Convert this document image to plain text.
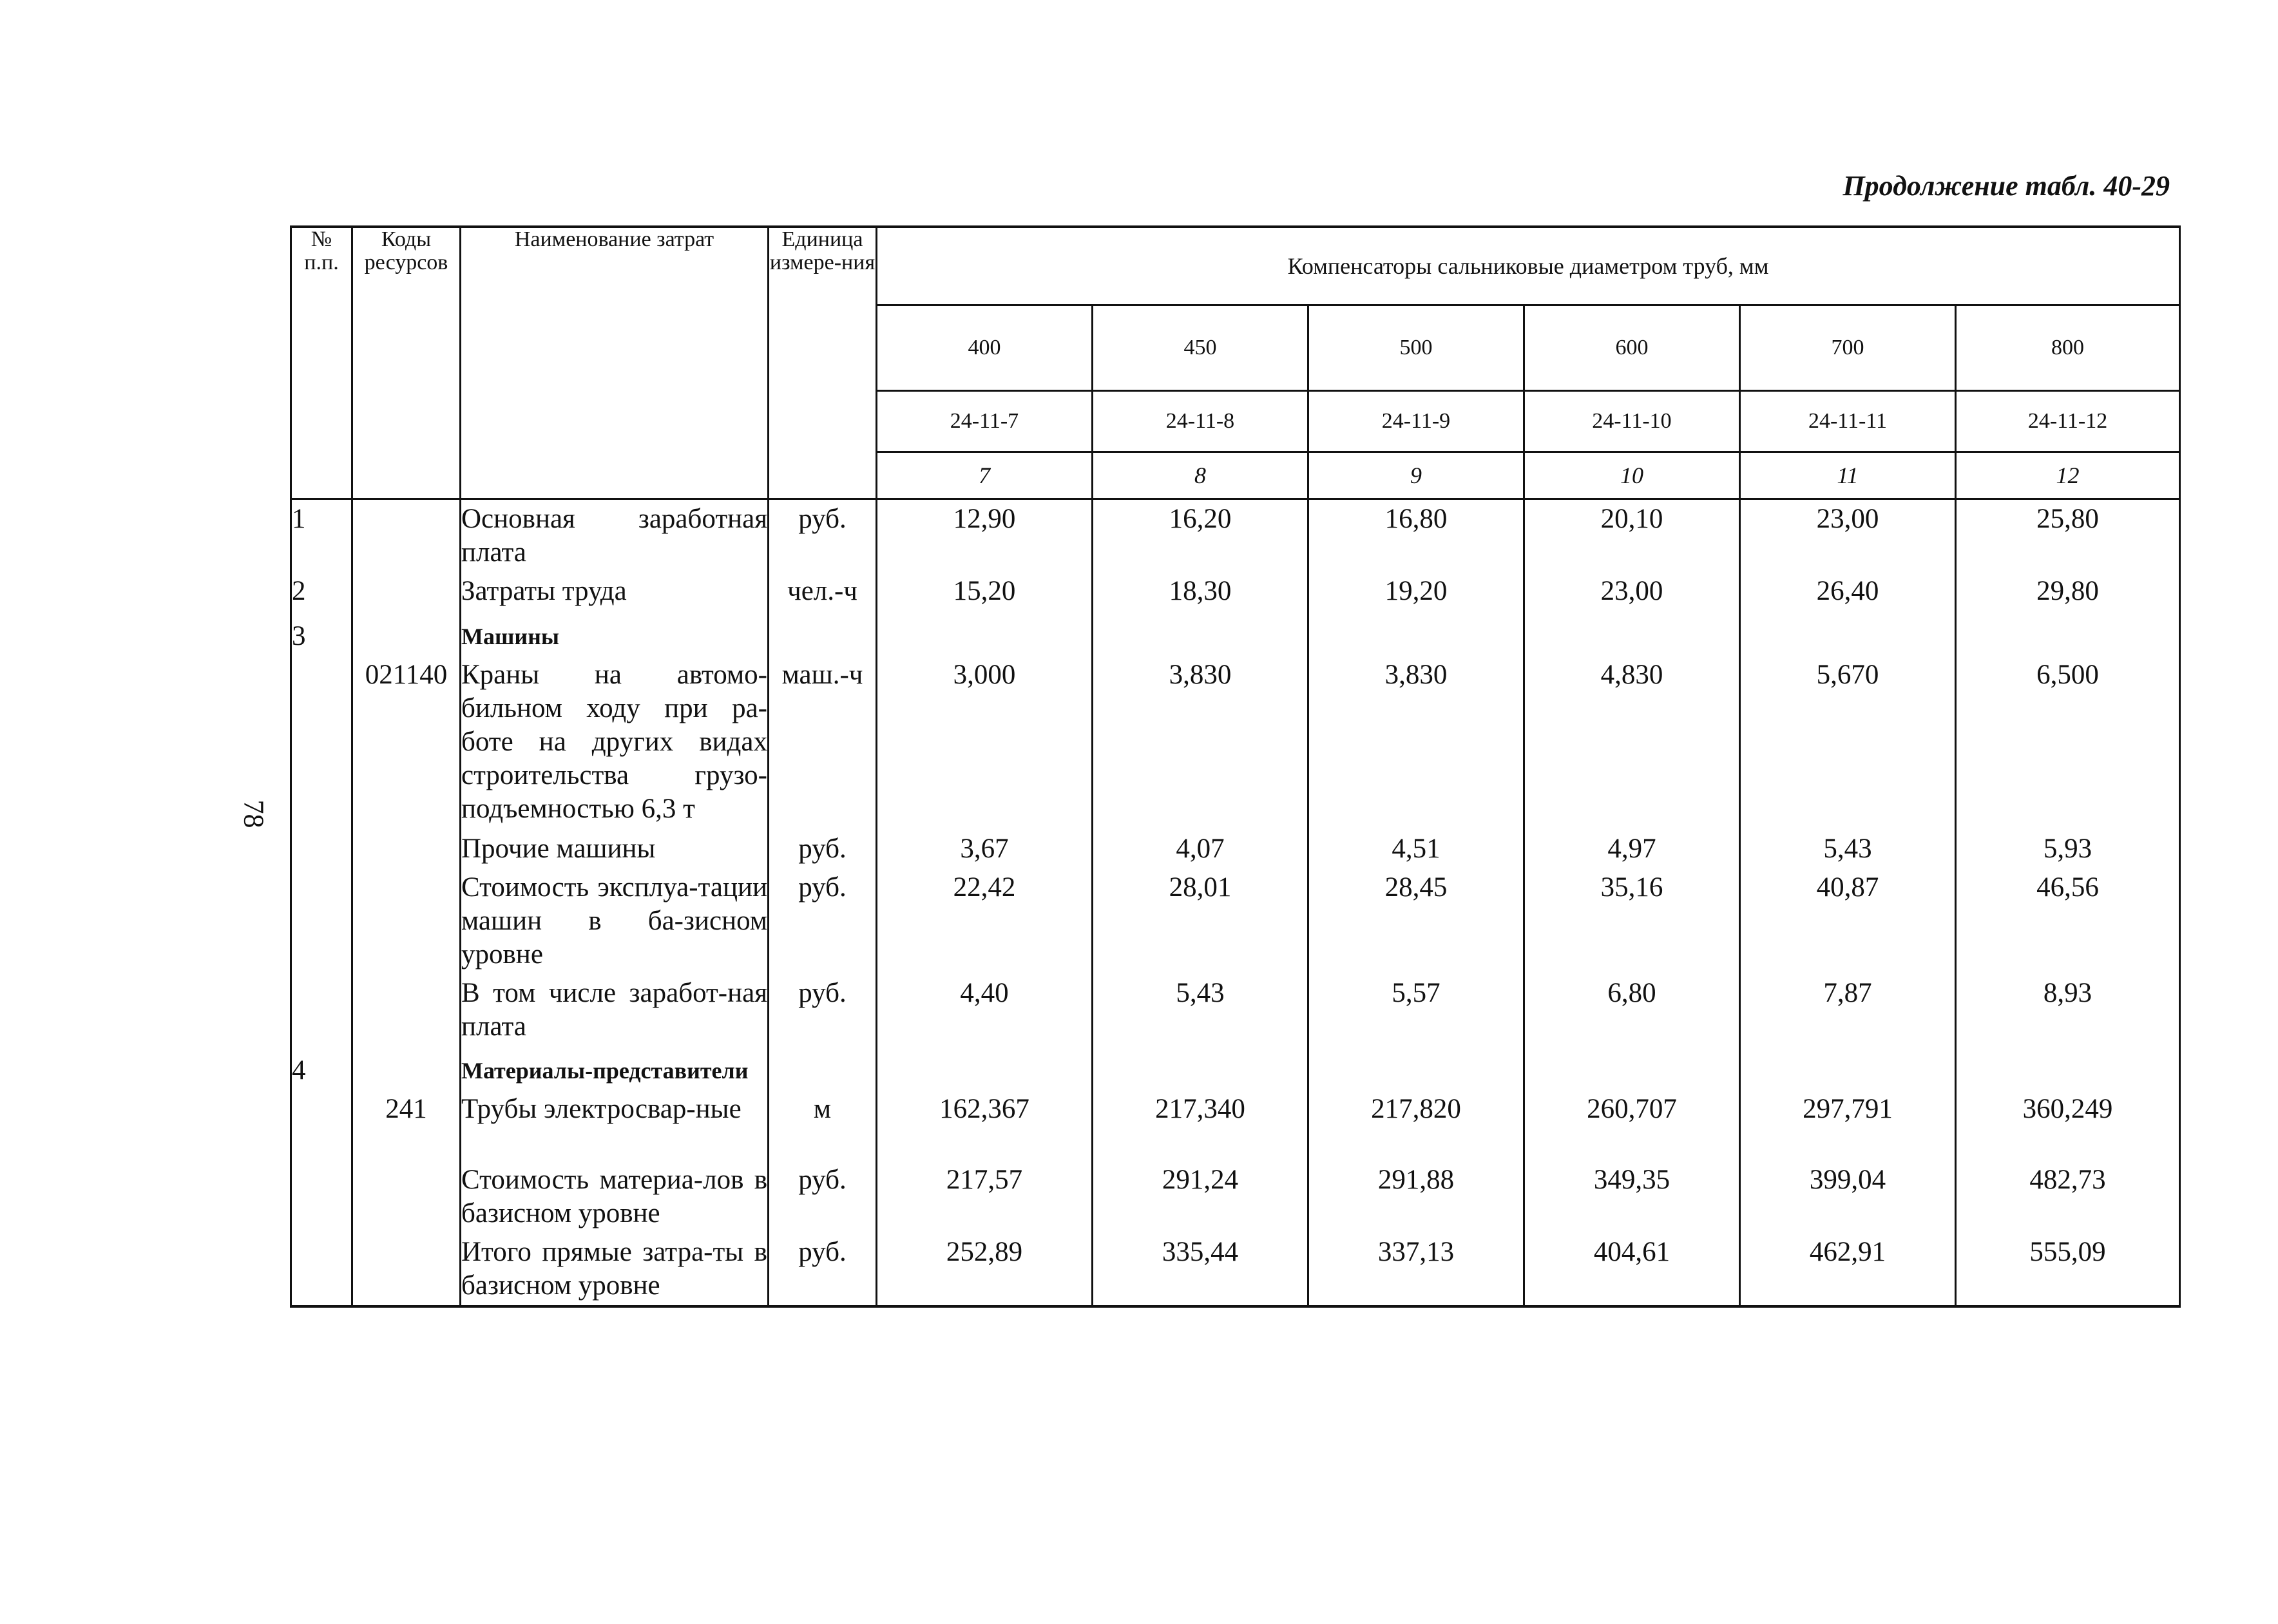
Продолжение табл. 40-29
78
№ п.п.	Коды ресурсов	Наименование затрат	Единица измере-ния	Компенсаторы сальниковые диаметром труб, мм					
				400	450	500	600	700	800
				24-11-7	24-11-8	24-11-9	24-11-10	24-11-11	24-11-12
				7	8	9	10	11	12
1		Основная заработная плата	руб.	12,90	16,20	16,80	20,10	23,00	25,80
2		Затраты труда	чел.-ч	15,20	18,30	19,20	23,00	26,40	29,80
3		Машины							
	021140	Краны на автомо-бильном ходу при ра-боте на других видах строительства грузо-подъемностью 6,3 т	маш.-ч	3,000	3,830	3,830	4,830	5,670	6,500
		Прочие машины	руб.	3,67	4,07	4,51	4,97	5,43	5,93
		Стоимость эксплуа-тации машин в ба-зисном уровне	руб.	22,42	28,01	28,45	35,16	40,87	46,56
		В том числе заработ-ная плата	руб.	4,40	5,43	5,57	6,80	7,87	8,93
4		Материалы-представители							
	241	Трубы электросвар-ные	м	162,367	217,340	217,820	260,707	297,791	360,249
		Стоимость материа-лов в базисном уровне	руб.	217,57	291,24	291,88	349,35	399,04	482,73
		Итого прямые затра-ты в базисном уровне	руб.	252,89	335,44	337,13	404,61	462,91	555,09
